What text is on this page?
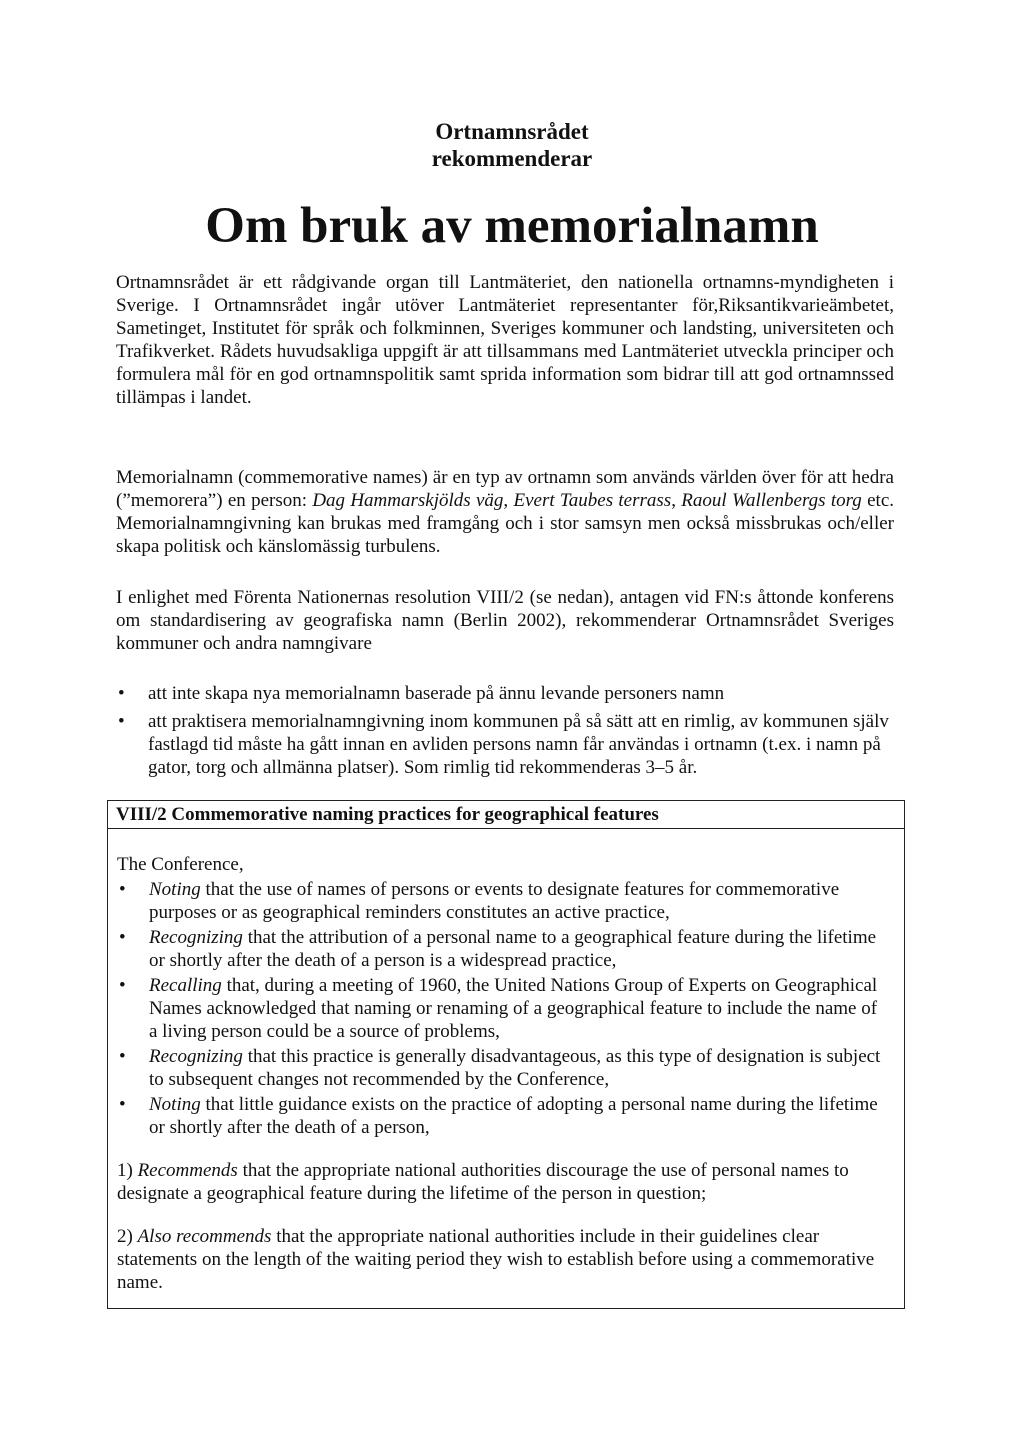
Ortnamnsrådet
rekommenderar
Om bruk av memorialnamn

Ortnamnsrådet är ett rådgivande organ till Lantmäteriet, den nationella ortnamns-myndigheten i Sverige. I Ortnamnsrådet ingår utöver Lantmäteriet representanter för,Riksantikvarieämbetet, Sametinget, Institutet för språk och folkminnen, Sveriges kommuner och landsting, universiteten och Trafikverket. Rådets huvudsakliga uppgift är att tillsammans med Lantmäteriet utveckla principer och formulera mål för en god ortnamnspolitik samt sprida information som bidrar till att god ortnamnssed tillämpas i landet.

Memorialnamn (commemorative names) är en typ av ortnamn som används världen över för att hedra (”memorera”) en person: Dag Hammarskjölds väg, Evert Taubes terrass, Raoul Wallenbergs torg etc. Memorialnamngivning kan brukas med framgång och i stor samsyn men också missbrukas och/eller skapa politisk och känslomässig turbulens.

I enlighet med Förenta Nationernas resolution VIII/2 (se nedan), antagen vid FN:s åttonde konferens om standardisering av geografiska namn (Berlin 2002), rekommenderar Ortnamnsrådet Sveriges kommuner och andra namngivare

• att inte skapa nya memorialnamn baserade på ännu levande personers namn
• att praktisera memorialnamngivning inom kommunen på så sätt att en rimlig, av kommunen själv fastlagd tid måste ha gått innan en avliden persons namn får användas i ortnamn (t.ex. i namn på gator, torg och allmänna platser). Som rimlig tid rekommenderas 3–5 år.
VIII/2 Commemorative naming practices for geographical features

The Conference,

• Noting that the use of names of persons or events to designate features for commemorative purposes or as geographical reminders constitutes an active practice,
• Recognizing that the attribution of a personal name to a geographical feature during the lifetime or shortly after the death of a person is a widespread practice,
• Recalling that, during a meeting of 1960, the United Nations Group of Experts on Geographical Names acknowledged that naming or renaming of a geographical feature to include the name of a living person could be a source of problems,
• Recognizing that this practice is generally disadvantageous, as this type of designation is subject to subsequent changes not recommended by the Conference,
• Noting that little guidance exists on the practice of adopting a personal name during the lifetime or shortly after the death of a person,

1) Recommends that the appropriate national authorities discourage the use of personal names to designate a geographical feature during the lifetime of the person in question;

2) Also recommends that the appropriate national authorities include in their guidelines clear statements on the length of the waiting period they wish to establish before using a commemorative name.
